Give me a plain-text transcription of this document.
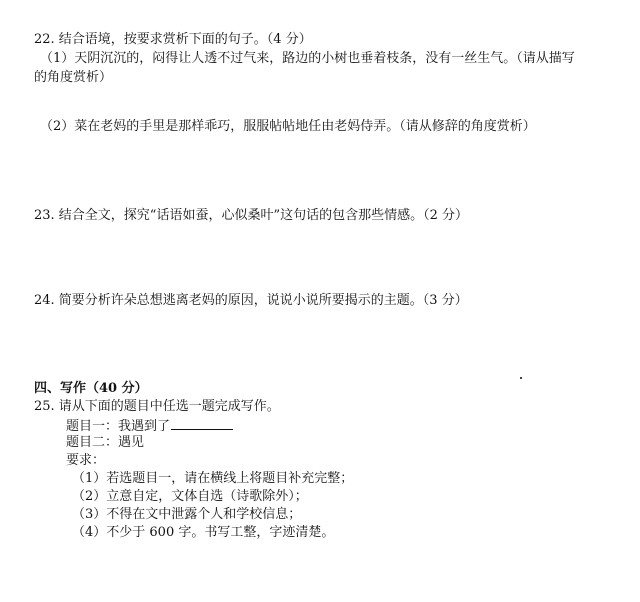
22. 结合语境，按要求赏析下面的句子。（4 分）
（1）天阴沉沉的，闷得让人透不过气来，路边的小树也垂着枝条，没有一丝生气。（请从描写
的角度赏析）
（2）菜在老妈的手里是那样乖巧，服服帖帖地任由老妈侍弄。（请从修辞的角度赏析）
23. 结合全文，探究“话语如蚕，心似桑叶”这句话的包含那些情感。（2 分）
24. 简要分析许朵总想逃离老妈的原因，说说小说所要揭示的主题。（3 分）
四、写作（40 分）
25. 请从下面的题目中任选一题完成写作。
题目一：我遇到了
题目二：遇见
要求：
（1）若选题目一，请在横线上将题目补充完整；
（2）立意自定，文体自选（诗歌除外）；
（3）不得在文中泄露个人和学校信息；
（4）不少于 600 字。书写工整，字迹清楚。
